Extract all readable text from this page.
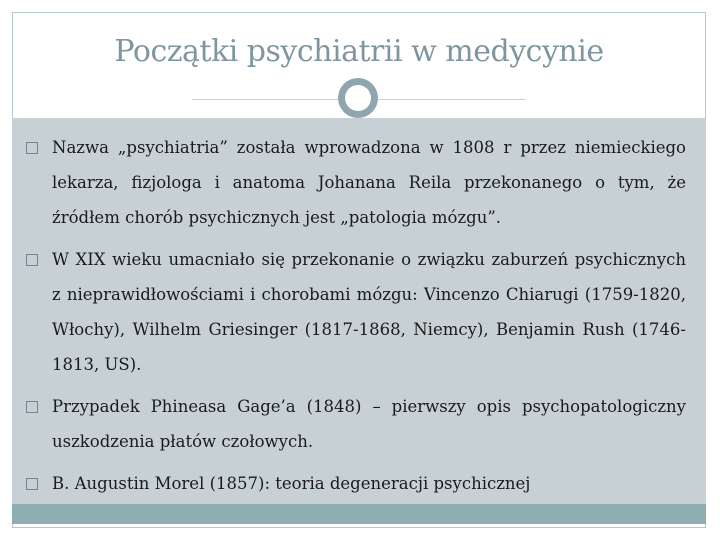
Początki psychiatrii w medycynie
Nazwa „psychiatria” została wprowadzona w 1808 r przez niemieckiego lekarza, fizjologa i anatoma Johanana Reila przekonanego o tym, że źródłem chorób psychicznych jest „patologia mózgu”.
W XIX wieku umacniało się przekonanie o związku zaburzeń psychicznych z nieprawidłowościami i chorobami mózgu: Vincenzo Chiarugi (1759-1820, Włochy), Wilhelm Griesinger (1817-1868, Niemcy), Benjamin Rush (1746-1813, US).
Przypadek Phineasa Gage’a (1848) – pierwszy opis psychopatologiczny uszkodzenia płatów czołowych.
B. Augustin Morel (1857): teoria degeneracji psychicznej
